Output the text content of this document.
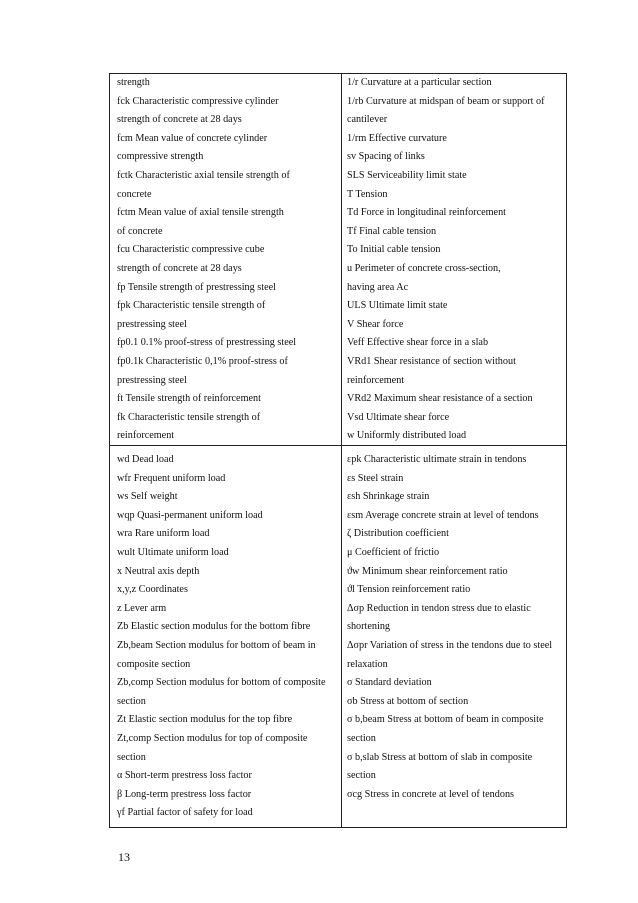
strength
fck Characteristic compressive cylinder
strength of concrete at 28 days
fcm Mean value of concrete cylinder
compressive strength
fctk Characteristic axial tensile strength of
concrete
fctm Mean value of axial tensile strength
of concrete
fcu Characteristic compressive cube
strength of concrete at 28 days
fp Tensile strength of prestressing steel
fpk Characteristic tensile strength of
prestressing steel
fp0.1 0.1% proof-stress of prestressing steel
fp0.1k Characteristic 0,1% proof-stress of
prestressing steel
ft Tensile strength of reinforcement
fk Characteristic tensile strength of
reinforcement
1/r Curvature at a particular section
1/rb Curvature at midspan of beam or support of
cantilever
1/rm Effective curvature
sv Spacing of links
SLS Serviceability limit state
T Tension
Td Force in longitudinal reinforcement
Tf Final cable tension
To Initial cable tension
u Perimeter of concrete cross-section,
having area Ac
ULS Ultimate limit state
V Shear force
Veff Effective shear force in a slab
VRd1 Shear resistance of section without
reinforcement
VRd2 Maximum shear resistance of a section
Vsd Ultimate shear force
w Uniformly distributed load
wd Dead load
wfr Frequent uniform load
ws Self weight
wqp Quasi-permanent uniform load
wra Rare uniform load
wult Ultimate uniform load
x Neutral axis depth
x,y,z Coordinates
z Lever arm
Zb Elastic section modulus for the bottom fibre
Zb,beam Section modulus for bottom of beam in
composite section
Zb,comp Section modulus for bottom of composite
section
Zt Elastic section modulus for the top fibre
Zt,comp Section modulus for top of composite
section
α Short-term prestress loss factor
β Long-term prestress loss factor
γf Partial factor of safety for load
εpk Characteristic ultimate strain in tendons
εs Steel strain
εsh Shrinkage strain
εsm Average concrete strain at level of tendons
ζ Distribution coefficient
μ Coefficient of frictio
ϑw Minimum shear reinforcement ratio
ϑl Tension reinforcement ratio
Δσp Reduction in tendon stress due to elastic
shortening
Δσpr Variation of stress in the tendons due to steel
relaxation
σ Standard deviation
σb Stress at bottom of section
σ b,beam Stress at bottom of beam in composite
section
σ b,slab Stress at bottom of slab in composite
section
σcg Stress in concrete at level of tendons
13
